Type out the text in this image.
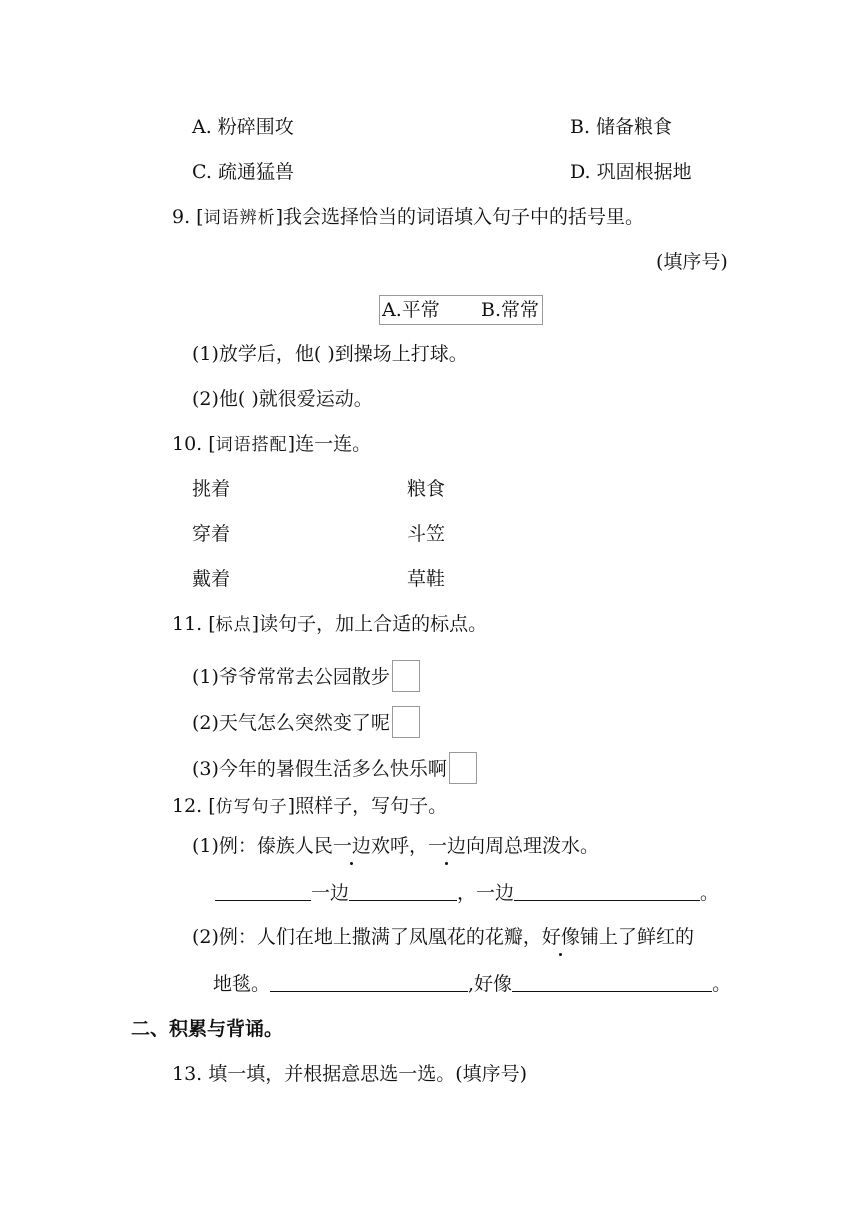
A. 粉碎围攻	B. 储备粮食
C. 疏通猛兽	D. 巩固根据地
9. [词语辨析]我会选择恰当的词语填入句子中的括号里。
(填序号)
A.平常 B.常常
(1)放学后，他( )到操场上打球。
(2)他( )就很爱运动。
10. [词语搭配]连一连。
挑着	粮食
穿着	斗笠
戴着	草鞋
11. [标点]读句子，加上合适的标点。
(1)爷爷常常去公园散步
(2)天气怎么突然变了呢
(3)今年的暑假生活多么快乐啊
12. [仿写句子]照样子，写句子。
(1)例：傣族人民一边欢呼，一边向周总理泼水。
一边	，一边	。
(2)例：人们在地上撒满了凤凰花的花瓣，好像铺上了鲜红的
地毯。	,好像	。
二、积累与背诵。
13. 填一填，并根据意思选一选。(填序号)
